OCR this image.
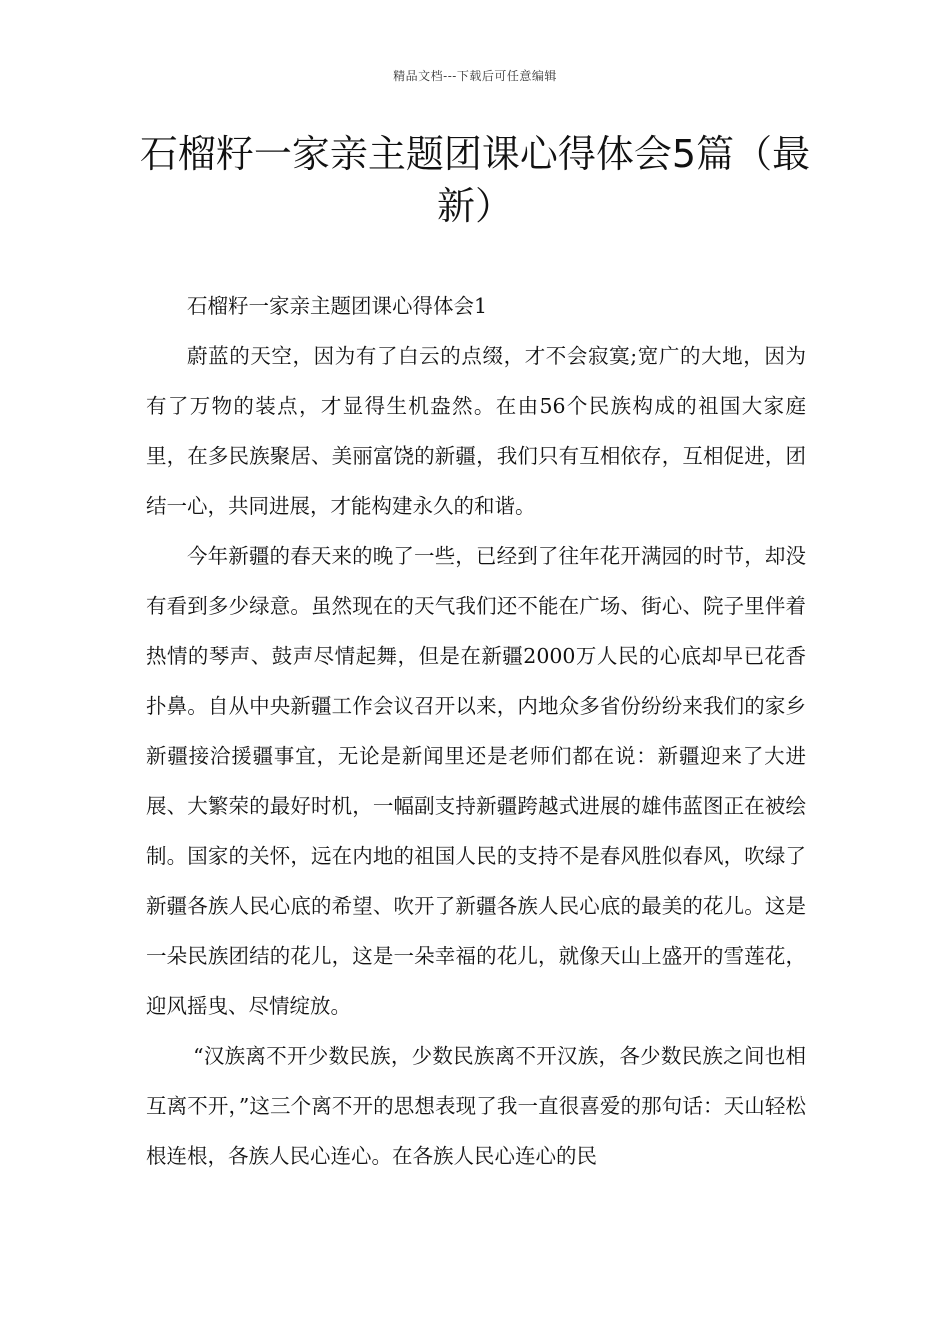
精品文档---下载后可任意编辑
石榴籽一家亲主题团课心得体会5篇（最新）

石榴籽一家亲主题团课心得体会1

蔚蓝的天空，因为有了白云的点缀，才不会寂寞;宽广的大地，因为有了万物的装点，才显得生机盎然。在由56个民族构成的祖国大家庭里，在多民族聚居、美丽富饶的新疆，我们只有互相依存，互相促进，团结一心，共同进展，才能构建永久的和谐。

今年新疆的春天来的晚了一些，已经到了往年花开满园的时节，却没有看到多少绿意。虽然现在的天气我们还不能在广场、街心、院子里伴着热情的琴声、鼓声尽情起舞，但是在新疆2000万人民的心底却早已花香扑鼻。自从中央新疆工作会议召开以来，内地众多省份纷纷来我们的家乡新疆接洽援疆事宜，无论是新闻里还是老师们都在说：新疆迎来了大进展、大繁荣的最好时机，一幅副支持新疆跨越式进展的雄伟蓝图正在被绘制。国家的关怀，远在内地的祖国人民的支持不是春风胜似春风，吹绿了新疆各族人民心底的希望、吹开了新疆各族人民心底的最美的花儿。这是一朵民族团结的花儿，这是一朵幸福的花儿，就像天山上盛开的雪莲花，迎风摇曳、尽情绽放。

“汉族离不开少数民族，少数民族离不开汉族，各少数民族之间也相互离不开，”这三个离不开的思想表现了我一直很喜爱的那句话：天山轻松根连根，各族人民心连心。在各族人民心连心的民
